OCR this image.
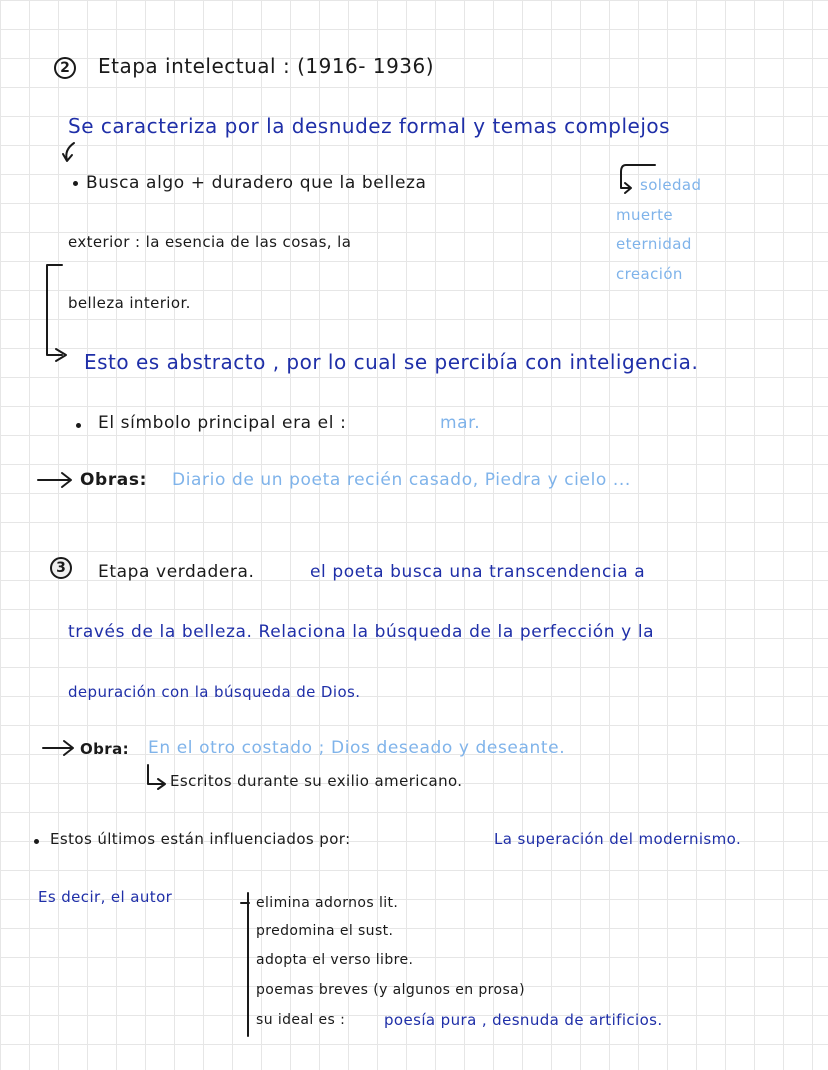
2	Etapa intelectual : (1916- 1936)
Se caracteriza por la desnudez formal y temas complejos
Busca algo + duradero que la belleza
exterior : la esencia de las cosas, la
belleza interior.
soledad
muerte
eternidad
creación
Esto es abstracto , por lo cual se percibía con inteligencia.
El símbolo principal era el :	mar.
Obras: Diario de un poeta recién casado, Piedra y cielo ...
3	Etapa verdadera.	el poeta busca una transcendencia a
través de la belleza. Relaciona la búsqueda de la perfección y la
depuración con la búsqueda de Dios.
Obra: En el otro costado ; Dios deseado y deseante.
Escritos durante su exilio americano.
Estos últimos están influenciados por:	La superación del modernismo.
Es decir, el autor	elimina adornos lit.
predomina el sust.
adopta el verso libre.
poemas breves (y algunos en prosa)
su ideal es :	poesía pura , desnuda de artificios.
